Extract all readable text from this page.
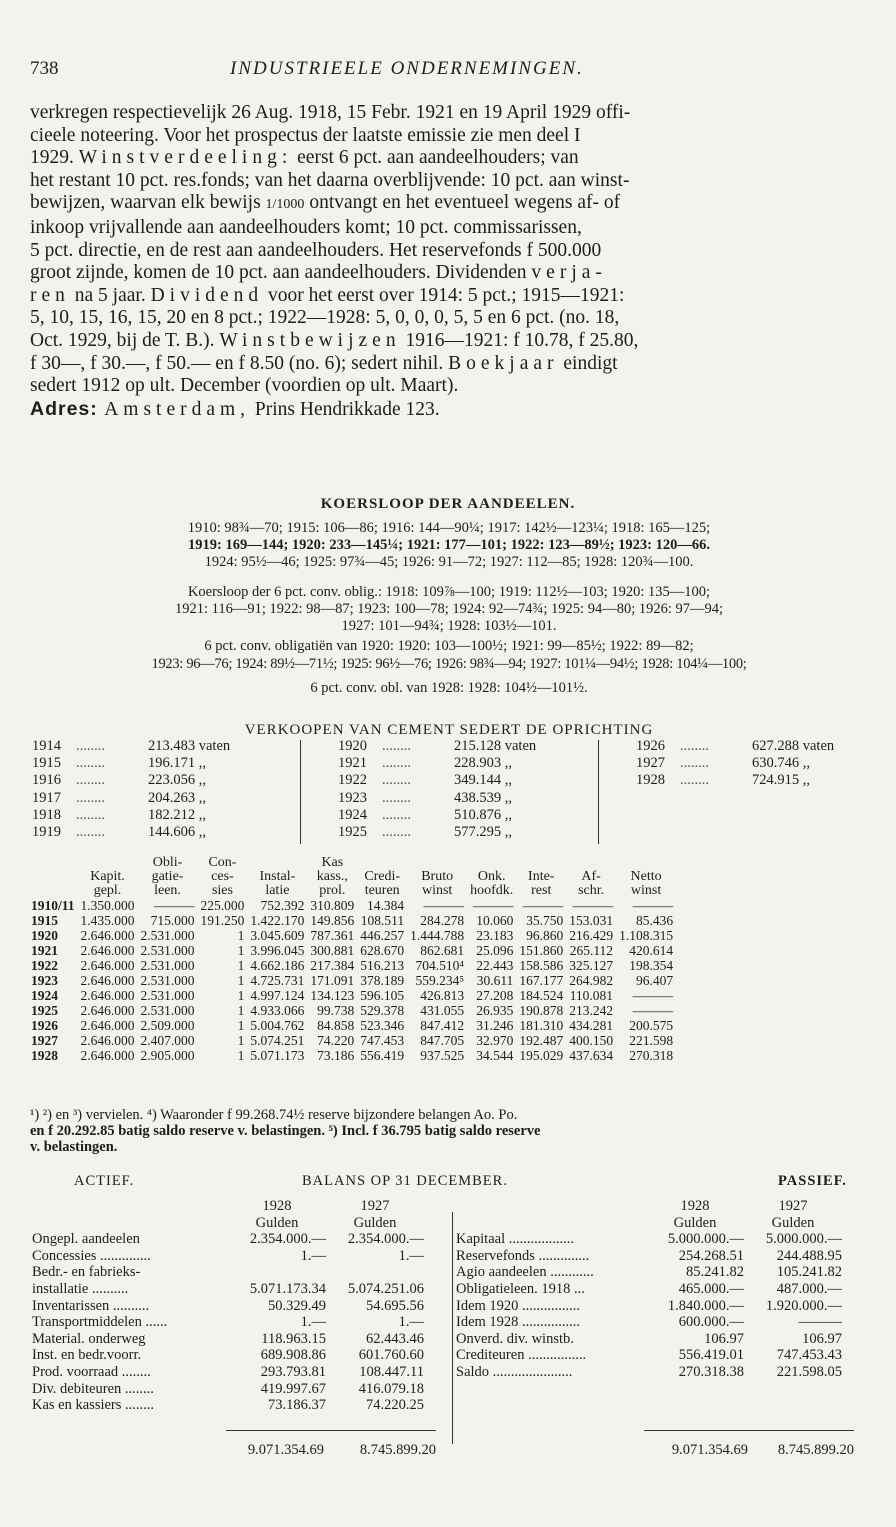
738	INDUSTRIEELE ONDERNEMINGEN.

verkregen respectievelijk 26 Aug. 1918, 15 Febr. 1921 en 19 April 1929 offi-

cieele noteering. Voor het prospectus der laatste emissie zie men deel I

1929. Winstverdeeling: eerst 6 pct. aan aandeelhouders; van

het restant 10 pct. res.fonds; van het daarna overblijvende: 10 pct. aan winst-

bewijzen, waarvan elk bewijs 1/1000 ontvangt en het eventueel wegens af- of

inkoop vrijvallende aan aandeelhouders komt; 10 pct. commissarissen,

5 pct. directie, en de rest aan aandeelhouders. Het reservefonds f 500.000

groot zijnde, komen de 10 pct. aan aandeelhouders. Dividenden verja-

ren na 5 jaar. Dividend voor het eerst over 1914: 5 pct.; 1915—1921:

5, 10, 15, 16, 15, 20 en 8 pct.; 1922—1928: 5, 0, 0, 0, 5, 5 en 6 pct. (no. 18,

Oct. 1929, bij de T. B.). Winstbewijzen 1916—1921: f 10.78, f 25.80,

f 30—, f 30.—, f 50.— en f 8.50 (no. 6); sedert nihil. Boekjaar eindigt

sedert 1912 op ult. December (voordien op ult. Maart).

Adres: Amsterdam, Prins Hendrikkade 123.

KOERSLOOP DER AANDEELEN.
1910: 98¾—70; 1915: 106—86; 1916: 144—90¼; 1917: 142½—123¼; 1918: 165—125;
1919: 169—144; 1920: 233—145¼; 1921: 177—101; 1922: 123—89½; 1923: 120—66.
1924: 95½—46; 1925: 97¾—45; 1926: 91—72; 1927: 112—85; 1928: 120¾—100.
Koersloop der 6 pct. conv. oblig.: 1918: 109⅞—100; 1919: 112½—103; 1920: 135—100;
1921: 116—91; 1922: 98—87; 1923: 100—78; 1924: 92—74¾; 1925: 94—80; 1926: 97—94;
1927: 101—94¾; 1928: 103½—101.
6 pct. conv. obligatiën van 1920: 1920: 103—100½; 1921: 99—85½; 1922: 89—82;
1923: 96—76; 1924: 89½—71½; 1925: 96½—76; 1926: 98¾—94; 1927: 101¼—94½; 1928: 104¼—100;
6 pct. conv. obl. van 1928: 1928: 104½—101½.
VERKOOPEN VAN CEMENT SEDERT DE OPRICHTING
1914	........	213.483 vaten
1915	........	196.171 ,,
1916	........	223.056 ,,
1917	........	204.263 ,,
1918	........	182.212 ,,
1919	........	144.606 ,,
1920	........	215.128 vaten
1921	........	228.903 ,,
1922	........	349.144 ,,
1923	........	438.539 ,,
1924	........	510.876 ,,
1925	........	577.295 ,,
1926	........	627.288 vaten
1927	........	630.746 ,,
1928	........	724.915 ,,
	Kapit.
gepl.	Obli-
gatie-
leen.	Con-
ces-
sies	Instal-
latie	Kas
kass.,
prol.	Credi-
teuren	Bruto
winst	Onk.
hoofdk.	Inte-
rest	Af-
schr.	Netto
winst
1910/11	1.350.000	———	225.000	752.392	310.809	14.384	———	———	———	———	———
1915	1.435.000	715.000	191.250	1.422.170	149.856	108.511	284.278	10.060	35.750	153.031	85.436
1920	2.646.000	2.531.000	1	3.045.609	787.361	446.257	1.444.788	23.183	96.860	216.429	1.108.315
1921	2.646.000	2.531.000	1	3.996.045	300.881	628.670	862.681	25.096	151.860	265.112	420.614
1922	2.646.000	2.531.000	1	4.662.186	217.384	516.213	704.510⁴	22.443	158.586	325.127	198.354
1923	2.646.000	2.531.000	1	4.725.731	171.091	378.189	559.234⁵	30.611	167.177	264.982	96.407
1924	2.646.000	2.531.000	1	4.997.124	134.123	596.105	426.813	27.208	184.524	110.081	———
1925	2.646.000	2.531.000	1	4.933.066	99.738	529.378	431.055	26.935	190.878	213.242	———
1926	2.646.000	2.509.000	1	5.004.762	84.858	523.346	847.412	31.246	181.310	434.281	200.575
1927	2.646.000	2.407.000	1	5.074.251	74.220	747.453	847.705	32.970	192.487	400.150	221.598
1928	2.646.000	2.905.000	1	5.071.173	73.186	556.419	937.525	34.544	195.029	437.634	270.318
¹) ²) en ³) vervielen. ⁴) Waaronder f 99.268.74½ reserve bijzondere belangen Ao. Po.
en f 20.292.85 batig saldo reserve v. belastingen. ⁵) Incl. f 36.795 batig saldo reserve
v. belastingen.
ACTIEF.	BALANS OP 31 DECEMBER.	PASSIEF.
1928	1927
Gulden	Gulden
Ongepl. aandeelen	2.354.000.—	2.354.000.—
Concessies ..............	1.—	1.—
Bedr.- en fabrieks-
installatie ..........	5.071.173.34	5.074.251.06
Inventarissen ..........	50.329.49	54.695.56
Transportmiddelen ......	1.—	1.—
Material. onderweg	118.963.15	62.443.46
Inst. en bedr.voorr.	689.908.86	601.760.60
Prod. voorraad ........	293.793.81	108.447.11
Div. debiteuren ........	419.997.67	416.079.18
Kas en kassiers ........	73.186.37	74.220.25
1928	1927
Gulden	Gulden
Kapitaal ..................	5.000.000.—	5.000.000.—
Reservefonds ..............	254.268.51	244.488.95
Agio aandeelen ............	85.241.82	105.241.82
Obligatieleen. 1918 ...	465.000.—	487.000.—
Idem 1920 ................	1.840.000.—	1.920.000.—
Idem 1928 ................	600.000.—	———
Onverd. div. winstb.	106.97	106.97
Crediteuren ................	556.419.01	747.453.43
Saldo ......................	270.318.38	221.598.05
9.071.354.69	8.745.899.20	9.071.354.69	8.745.899.20
